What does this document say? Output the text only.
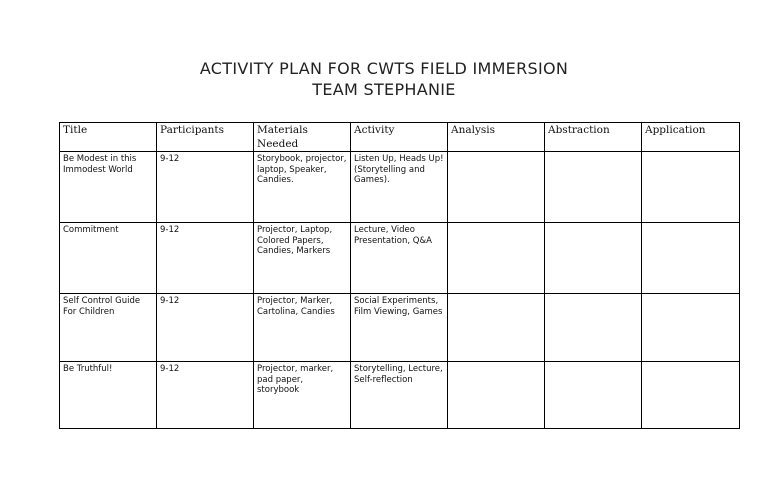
ACTIVITY PLAN FOR CWTS FIELD IMMERSION
TEAM STEPHANIE
Title	Participants	Materials Needed	Activity	Analysis	Abstraction	Application
Be Modest in this Immodest World	9-12	Storybook, projector, laptop, Speaker, Candies.	Listen Up, Heads Up! (Storytelling and Games).			
Commitment	9-12	Projector, Laptop, Colored Papers, Candies, Markers	Lecture, Video Presentation, Q&A			
Self Control Guide For Children	9-12	Projector, Marker, Cartolina, Candies	Social Experiments, Film Viewing, Games			
Be Truthful!	9-12	Projector, marker, pad paper, storybook	Storytelling, Lecture, Self-reflection			
